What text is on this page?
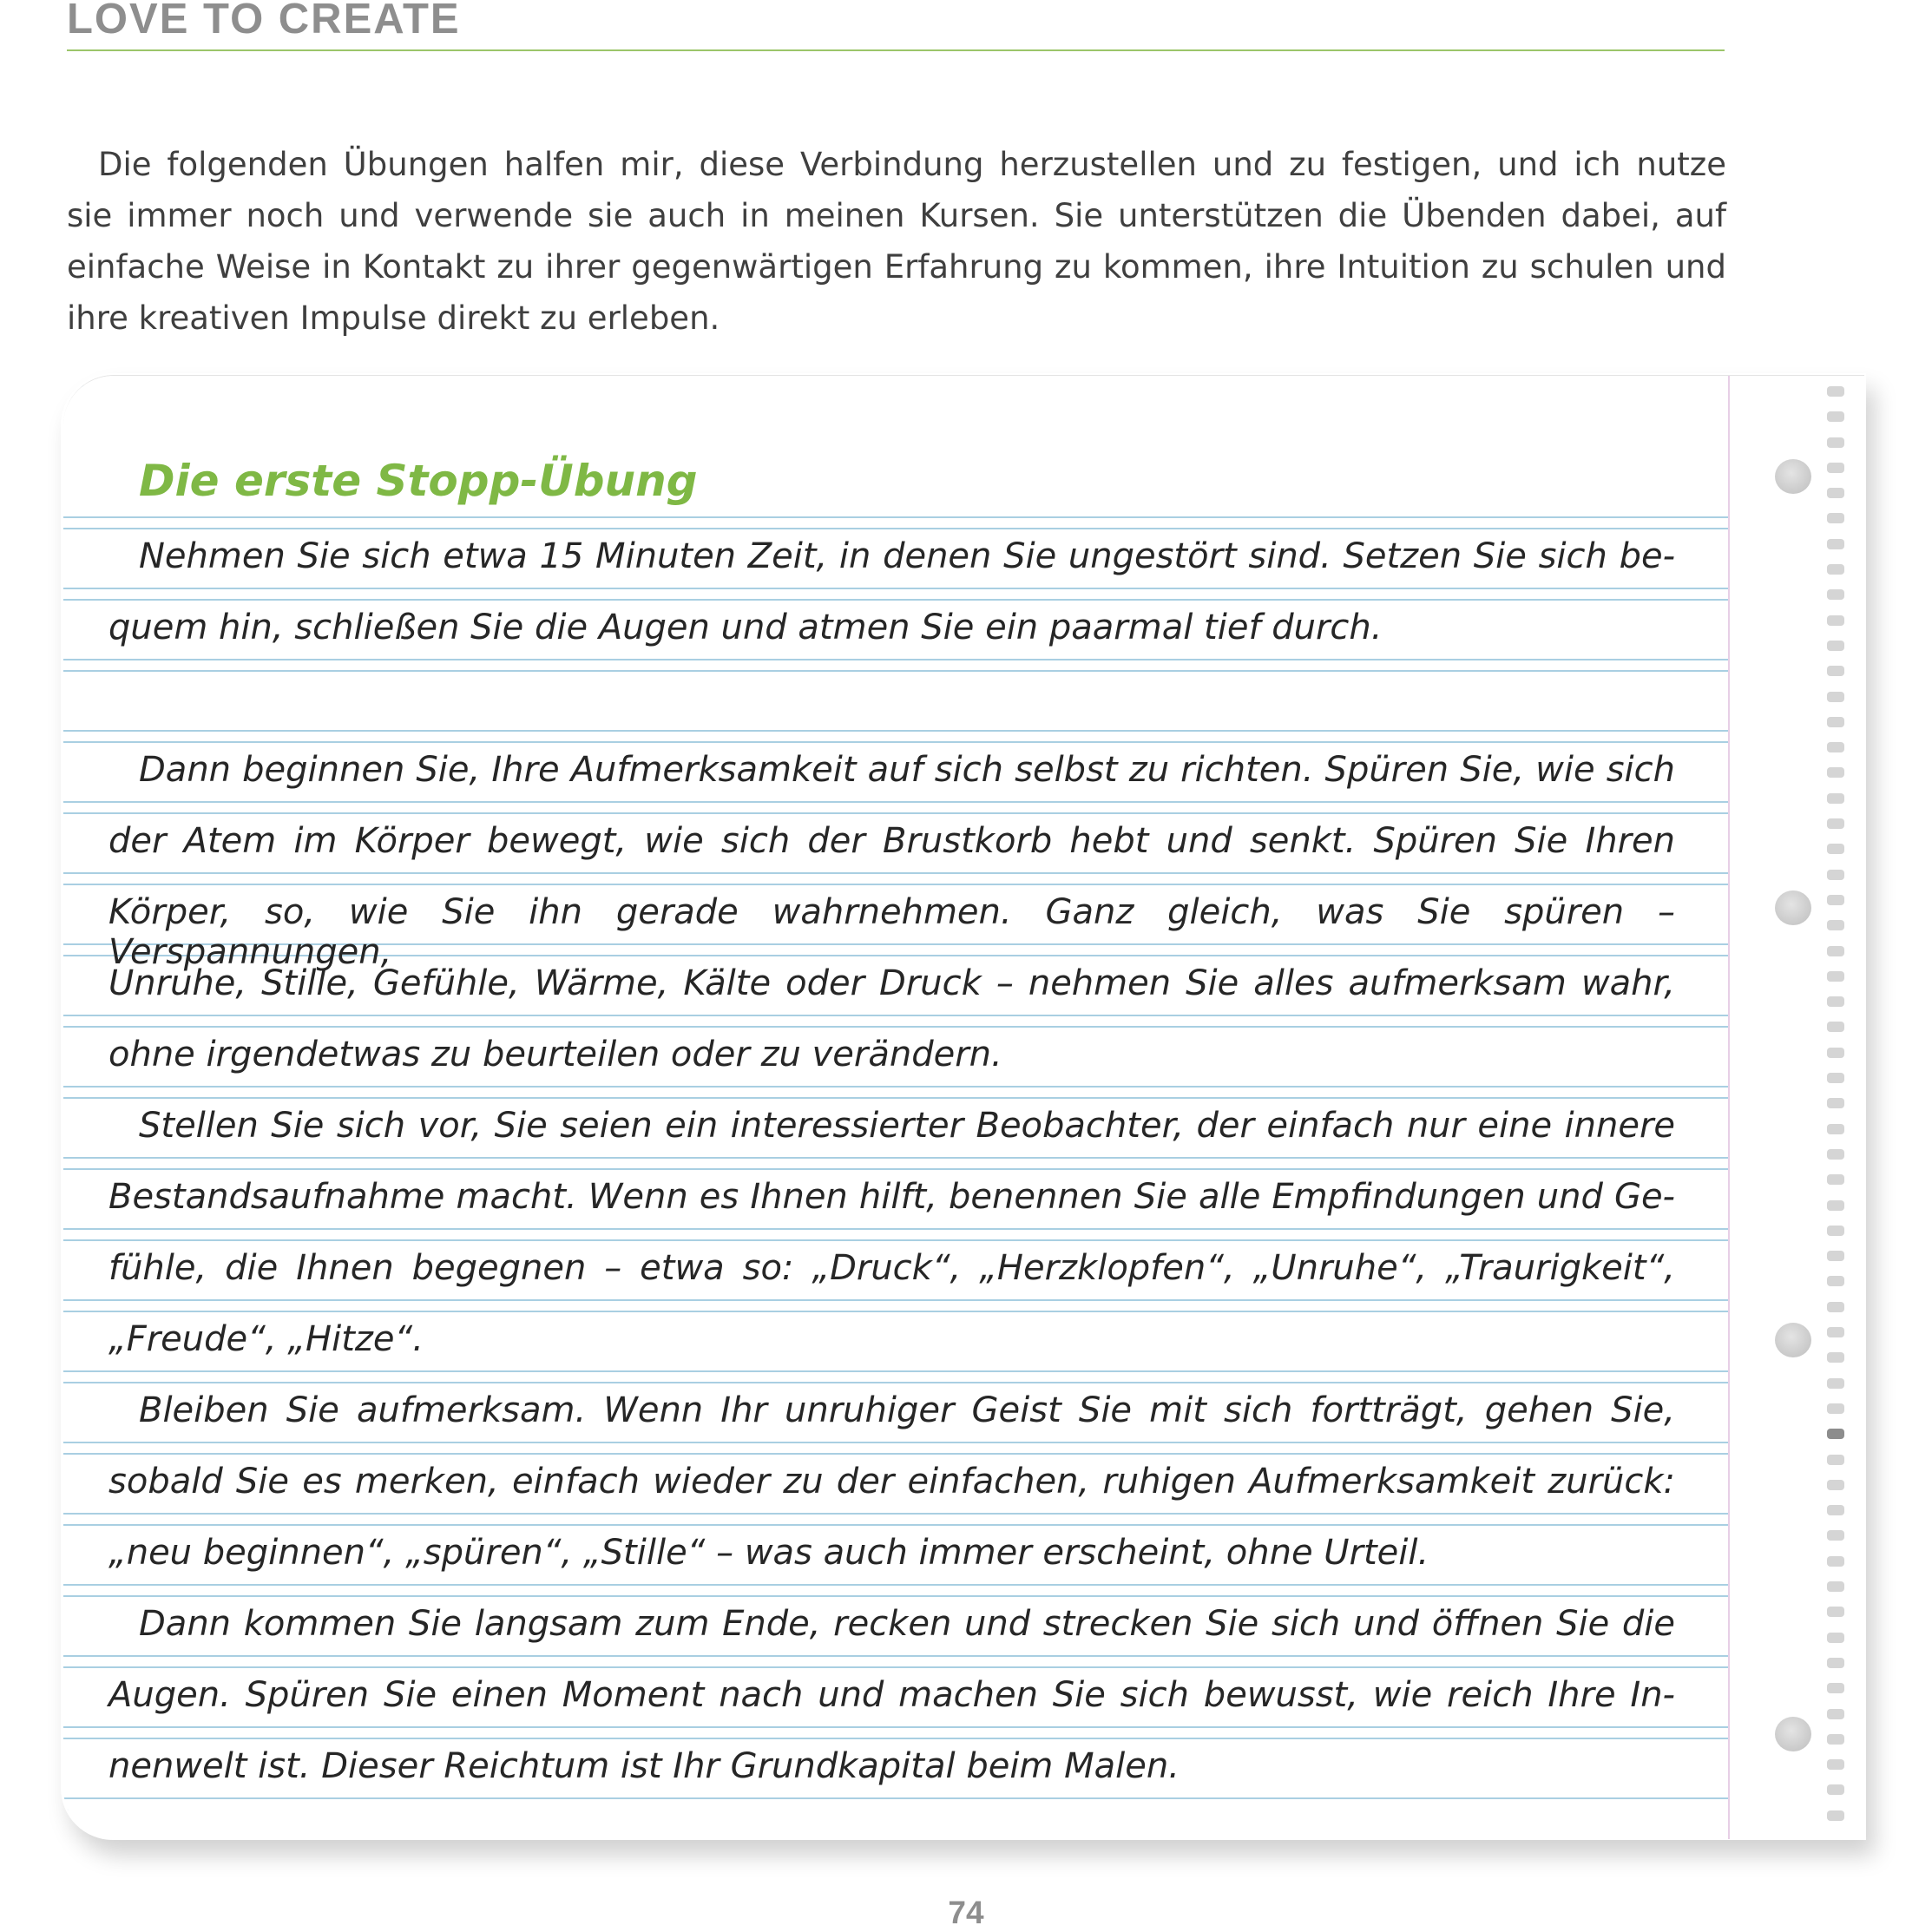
LOVE TO CREATE
Die folgenden Übungen halfen mir, diese Verbindung herzustellen und zu festigen, und ich nutze
sie immer noch und verwende sie auch in meinen Kursen. Sie unterstützen die Übenden dabei, auf
einfache Weise in Kontakt zu ihrer gegenwärtigen Erfahrung zu kommen, ihre Intuition zu schulen und
ihre kreativen Impulse direkt zu erleben.
Die erste Stopp-Übung
Nehmen Sie sich etwa 15 Minuten Zeit, in denen Sie ungestört sind. Setzen Sie sich be-
quem hin, schließen Sie die Augen und atmen Sie ein paarmal tief durch.
Dann beginnen Sie, Ihre Aufmerksamkeit auf sich selbst zu richten. Spüren Sie, wie sich
der Atem im Körper bewegt, wie sich der Brustkorb hebt und senkt. Spüren Sie Ihren
Körper, so, wie Sie ihn gerade wahrnehmen. Ganz gleich, was Sie spüren – Verspannungen,
Unruhe, Stille, Gefühle, Wärme, Kälte oder Druck – nehmen Sie alles aufmerksam wahr,
ohne irgendetwas zu beurteilen oder zu verändern.
Stellen Sie sich vor, Sie seien ein interessierter Beobachter, der einfach nur eine innere
Bestandsaufnahme macht. Wenn es Ihnen hilft, benennen Sie alle Empfindungen und Ge-
fühle, die Ihnen begegnen – etwa so: „Druck“, „Herzklopfen“, „Unruhe“, „Traurigkeit“,
„Freude“, „Hitze“.
Bleiben Sie aufmerksam. Wenn Ihr unruhiger Geist Sie mit sich fortträgt, gehen Sie,
sobald Sie es merken, einfach wieder zu der einfachen, ruhigen Aufmerksamkeit zurück:
„neu beginnen“, „spüren“, „Stille“ – was auch immer erscheint, ohne Urteil.
Dann kommen Sie langsam zum Ende, recken und strecken Sie sich und öffnen Sie die
Augen. Spüren Sie einen Moment nach und machen Sie sich bewusst, wie reich Ihre In-
nenwelt ist. Dieser Reichtum ist Ihr Grundkapital beim Malen.
74
